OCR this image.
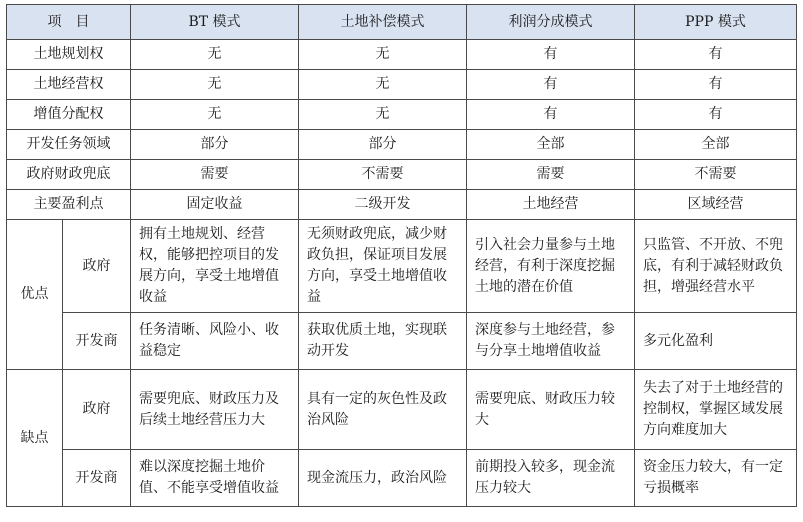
项　目		BT 模式	土地补偿模式	利润分成模式	PPP 模式
土地规划权		无	无	有	有
土地经营权		无	无	有	有
增值分配权		无	无	有	有
开发任务领域		部分	部分	全部	全部
政府财政兜底		需要	不需要	需要	不需要
主要盈利点		固定收益	二级开发	土地经营	区域经营
优点	政府	拥有土地规划、经营权，能够把控项目的发展方向，享受土地增值收益	无须财政兜底，减少财政负担，保证项目发展方向，享受土地增值收益	引入社会力量参与土地经营，有利于深度挖掘土地的潜在价值	只监管、不开放、不兜底，有利于减轻财政负担，增强经营水平
	开发商	任务清晰、风险小、收益稳定	获取优质土地，实现联动开发	深度参与土地经营，参与分享土地增值收益	多元化盈利
缺点	政府	需要兜底、财政压力及后续土地经营压力大	具有一定的灰色性及政治风险	需要兜底、财政压力较大	失去了对于土地经营的控制权，掌握区域发展方向难度加大
	开发商	难以深度挖掘土地价值、不能享受增值收益	现金流压力，政治风险	前期投入较多，现金流压力较大	资金压力较大，有一定亏损概率
